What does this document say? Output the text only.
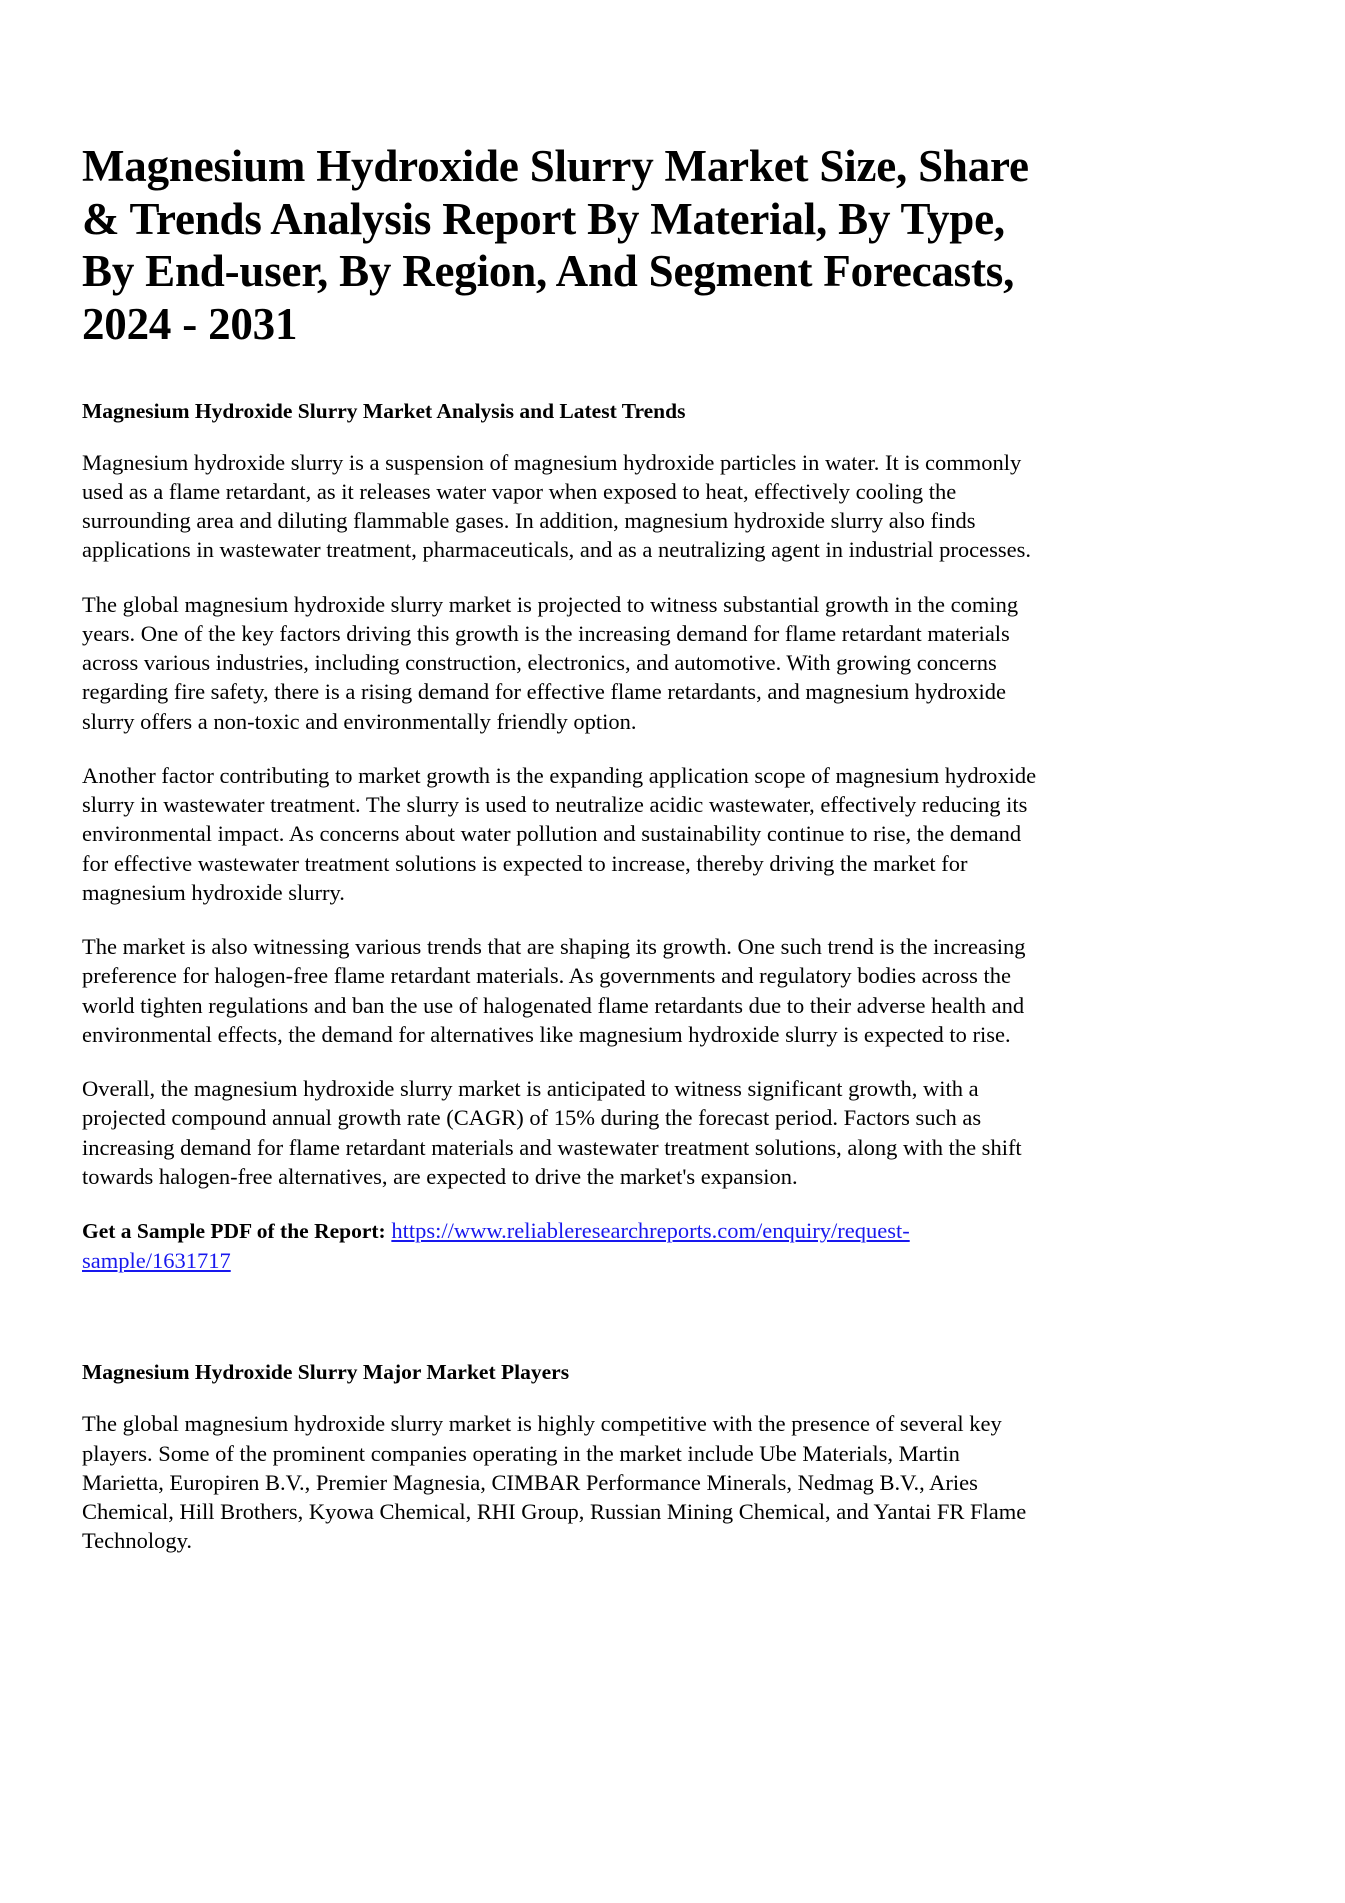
Magnesium Hydroxide Slurry Market Size, Share & Trends Analysis Report By Material, By Type, By End-user, By Region, And Segment Forecasts, 2024 - 2031
Magnesium Hydroxide Slurry Market Analysis and Latest Trends

Magnesium hydroxide slurry is a suspension of magnesium hydroxide particles in water. It is commonly used as a flame retardant, as it releases water vapor when exposed to heat, effectively cooling the surrounding area and diluting flammable gases. In addition, magnesium hydroxide slurry also finds applications in wastewater treatment, pharmaceuticals, and as a neutralizing agent in industrial processes.

The global magnesium hydroxide slurry market is projected to witness substantial growth in the coming years. One of the key factors driving this growth is the increasing demand for flame retardant materials across various industries, including construction, electronics, and automotive. With growing concerns regarding fire safety, there is a rising demand for effective flame retardants, and magnesium hydroxide slurry offers a non-toxic and environmentally friendly option.

Another factor contributing to market growth is the expanding application scope of magnesium hydroxide slurry in wastewater treatment. The slurry is used to neutralize acidic wastewater, effectively reducing its environmental impact. As concerns about water pollution and sustainability continue to rise, the demand for effective wastewater treatment solutions is expected to increase, thereby driving the market for magnesium hydroxide slurry.

The market is also witnessing various trends that are shaping its growth. One such trend is the increasing preference for halogen-free flame retardant materials. As governments and regulatory bodies across the world tighten regulations and ban the use of halogenated flame retardants due to their adverse health and environmental effects, the demand for alternatives like magnesium hydroxide slurry is expected to rise.

Overall, the magnesium hydroxide slurry market is anticipated to witness significant growth, with a projected compound annual growth rate (CAGR) of 15% during the forecast period. Factors such as increasing demand for flame retardant materials and wastewater treatment solutions, along with the shift towards halogen-free alternatives, are expected to drive the market's expansion.

Get a Sample PDF of the Report: https://www.reliableresearchreports.com/enquiry/request-sample/1631717
Magnesium Hydroxide Slurry Major Market Players

The global magnesium hydroxide slurry market is highly competitive with the presence of several key players. Some of the prominent companies operating in the market include Ube Materials, Martin Marietta, Europiren B.V., Premier Magnesia, CIMBAR Performance Minerals, Nedmag B.V., Aries Chemical, Hill Brothers, Kyowa Chemical, RHI Group, Russian Mining Chemical, and Yantai FR Flame Technology.
